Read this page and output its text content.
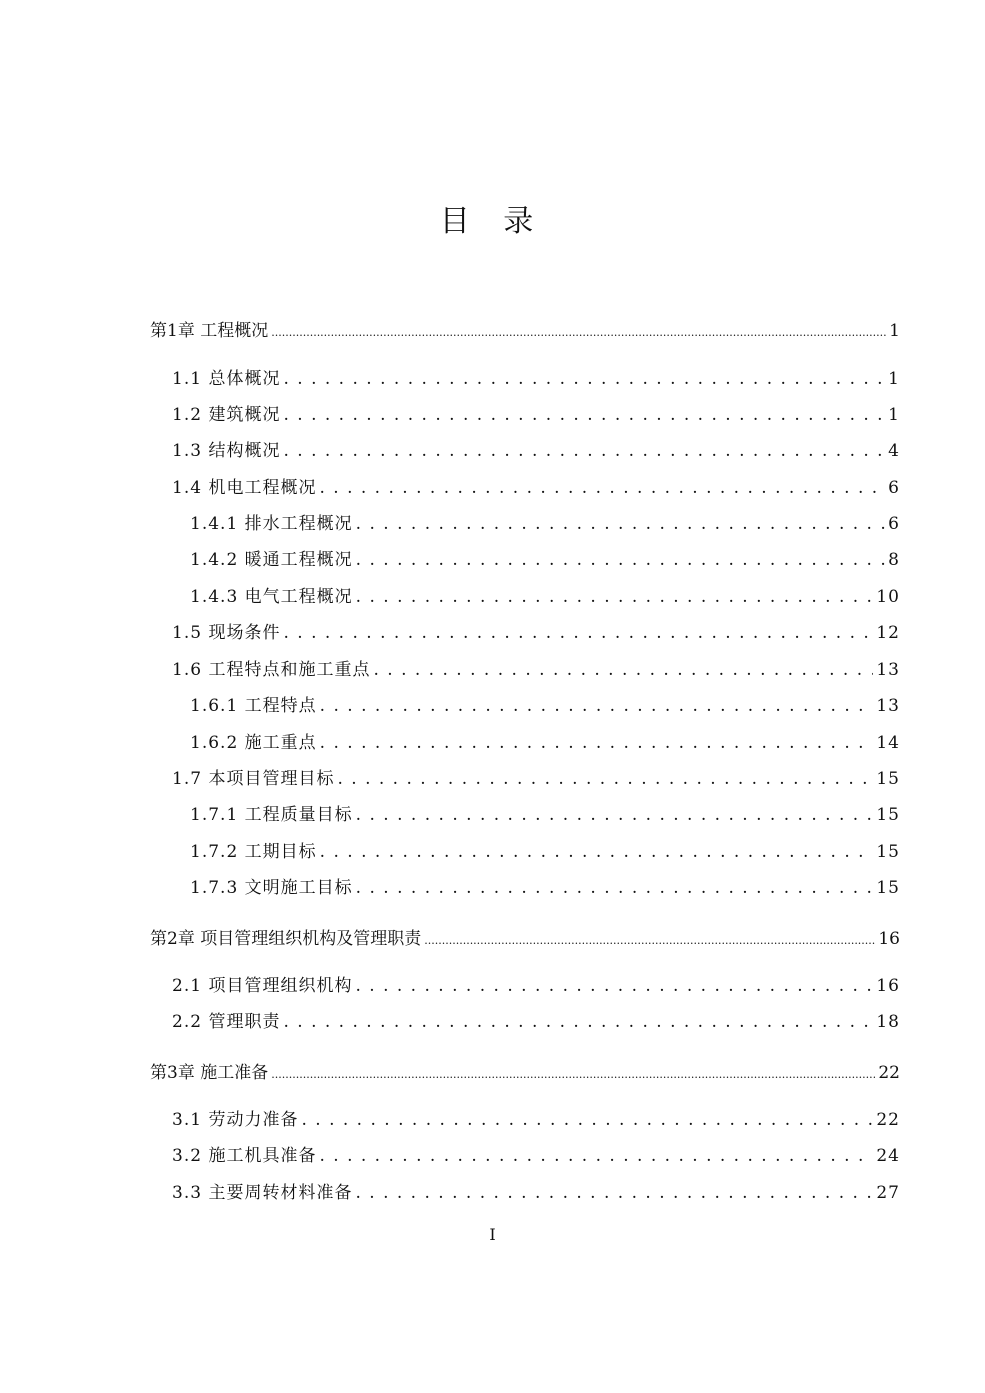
目 录
第1章 工程概况 .....	1
1.1 总体概况 . . .	1
1.2 建筑概况 . . .	1
1.3 结构概况 . . .	4
1.4 机电工程概况 . . .	6
1.4.1 排水工程概况 . . .	6
1.4.2 暖通工程概况 . . .	8
1.4.3 电气工程概况 . . .	10
1.5 现场条件 . . .	12
1.6 工程特点和施工重点 . . .	13
1.6.1 工程特点 . . .	13
1.6.2 施工重点 . . .	14
1.7 本项目管理目标 . . .	15
1.7.1 工程质量目标 . . .	15
1.7.2 工期目标 . . .	15
1.7.3 文明施工目标 . . .	15
第2章 项目管理组织机构及管理职责 .....	16
2.1 项目管理组织机构 . . .	16
2.2 管理职责 . . .	18
第3章 施工准备 .....	22
3.1 劳动力准备 . . .	22
3.2 施工机具准备 . . .	24
3.3 主要周转材料准备 . . .	27
I
